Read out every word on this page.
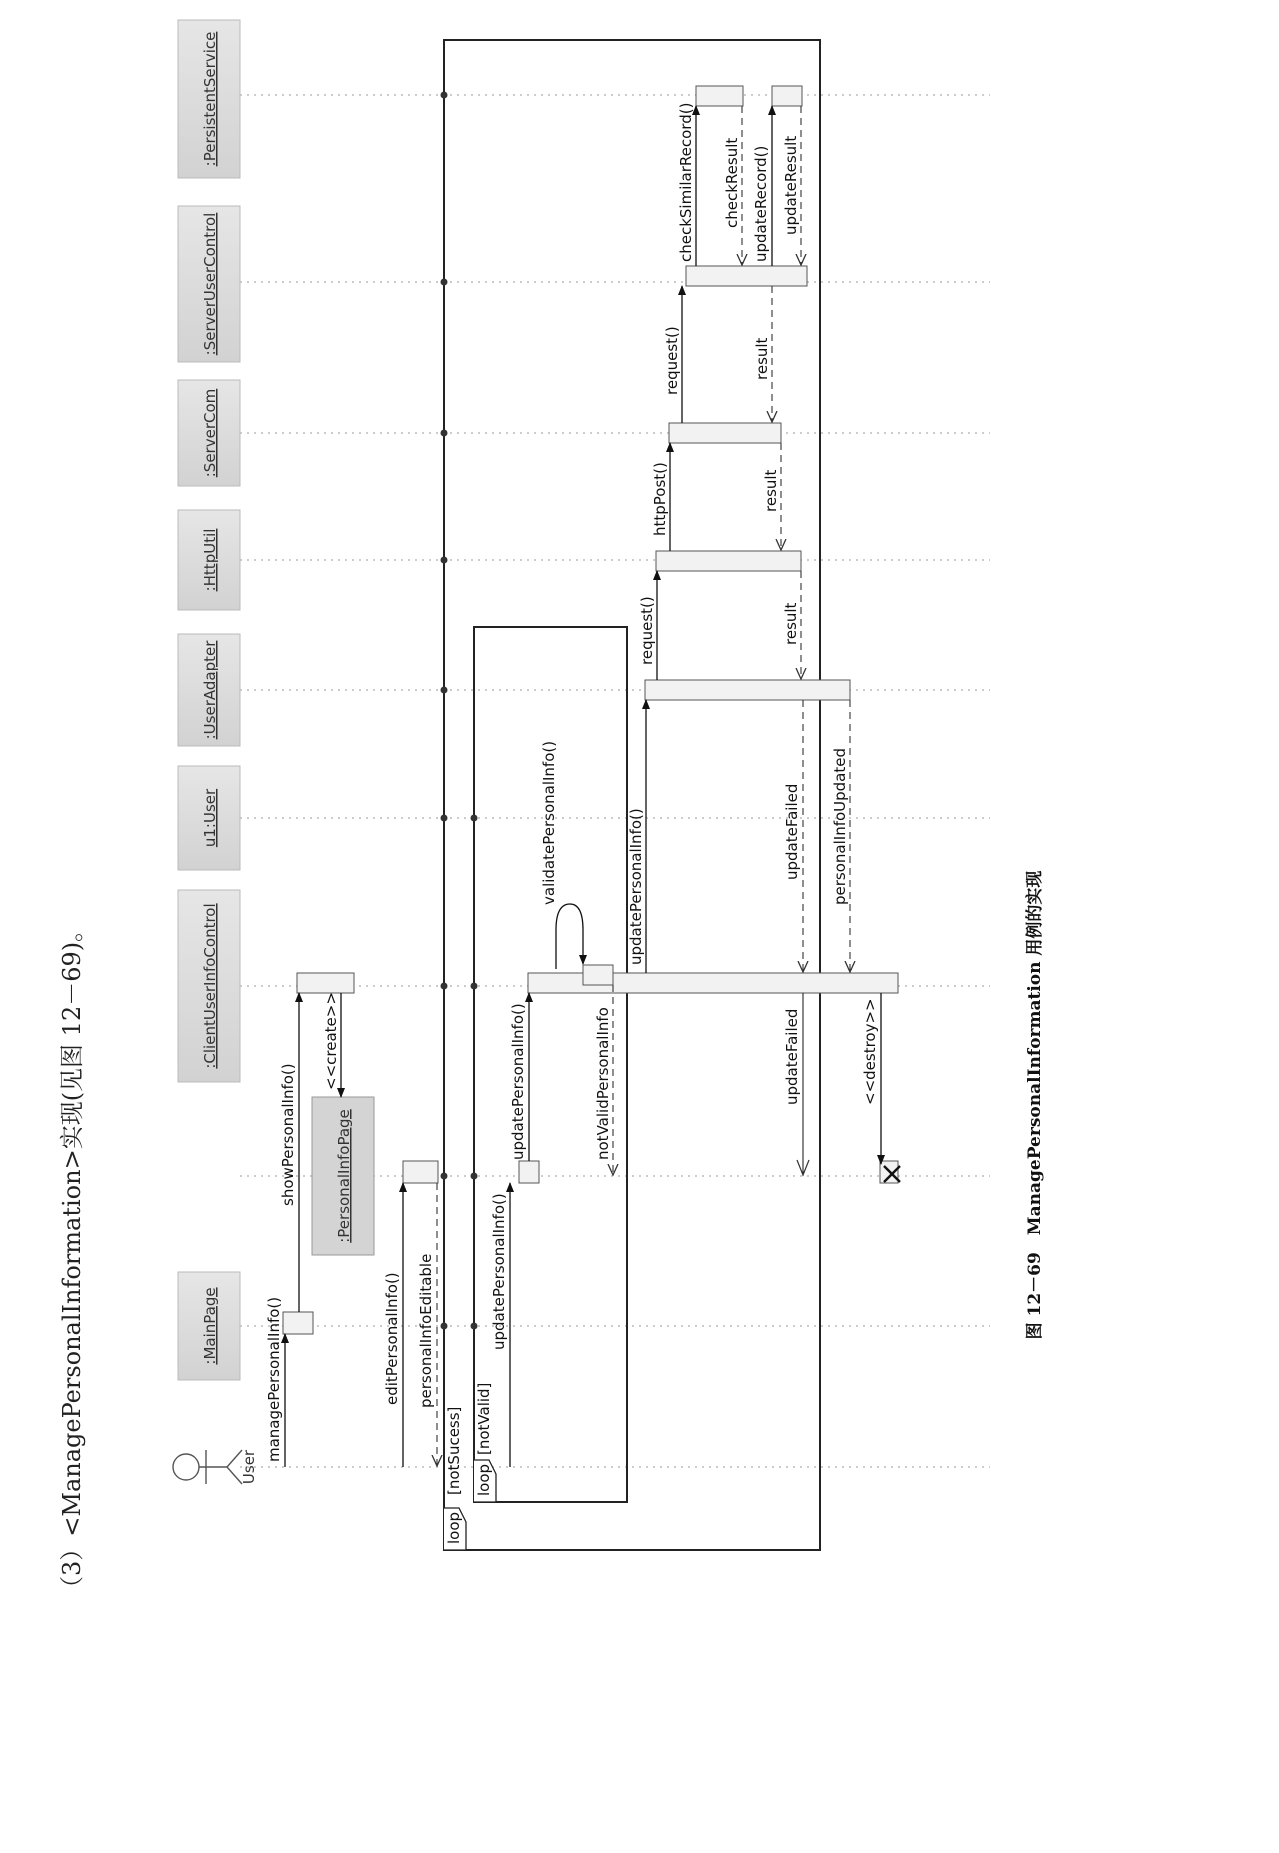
（3）<ManagePersonalInformation>实现(见图 12－69)。	图 12－69　ManagePersonalInformation 用例的实现
:MainPage
:PersonalInfoPage
:ClientUserInfoControl
u1:User
:UserAdapter
:HttpUtil
:ServerCom
:ServerUserControl
:PersistentService
User
loop
[notSucess] loop
[notValid]
managePersonalInfo()
showPersonalInfo()
<<create>>
editPersonalInfo() personalInfoEditable	updatePersonalInfo()
updatePersonalInfo()
validatePersonalInfo()
notValidPersonalInfo
updatePersonalInfo()
request()
httpPost()
request()
checkSimilarRecord() checkResult updateRecord() updateResult
result
result
result
updateFailed personalInfoUpdated
updateFailed	<<destroy>>
